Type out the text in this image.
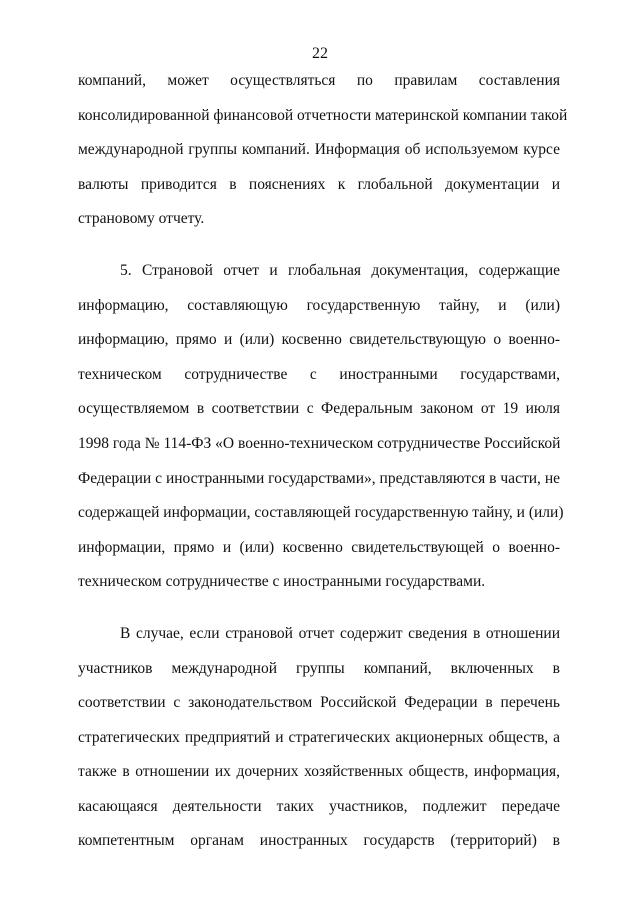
22
компаний, может осуществляться по правилам составления
консолидированной финансовой отчетности материнской компании такой
международной группы компаний. Информация об используемом курсе
валюты приводится в пояснениях к глобальной документации и
страновому отчету.
5. Страновой отчет и глобальная документация, содержащие
информацию, составляющую государственную тайну, и (или)
информацию, прямо и (или) косвенно свидетельствующую о военно-
техническом сотрудничестве с иностранными государствами,
осуществляемом в соответствии с Федеральным законом от 19 июля
1998 года № 114-ФЗ «О военно-техническом сотрудничестве Российской
Федерации с иностранными государствами», представляются в части, не
содержащей информации, составляющей государственную тайну, и (или)
информации, прямо и (или) косвенно свидетельствующей о военно-
техническом сотрудничестве с иностранными государствами.
В случае, если страновой отчет содержит сведения в отношении
участников международной группы компаний, включенных в
соответствии с законодательством Российской Федерации в перечень
стратегических предприятий и стратегических акционерных обществ, а
также в отношении их дочерних хозяйственных обществ, информация,
касающаяся деятельности таких участников, подлежит передаче
компетентным органам иностранных государств (территорий) в
